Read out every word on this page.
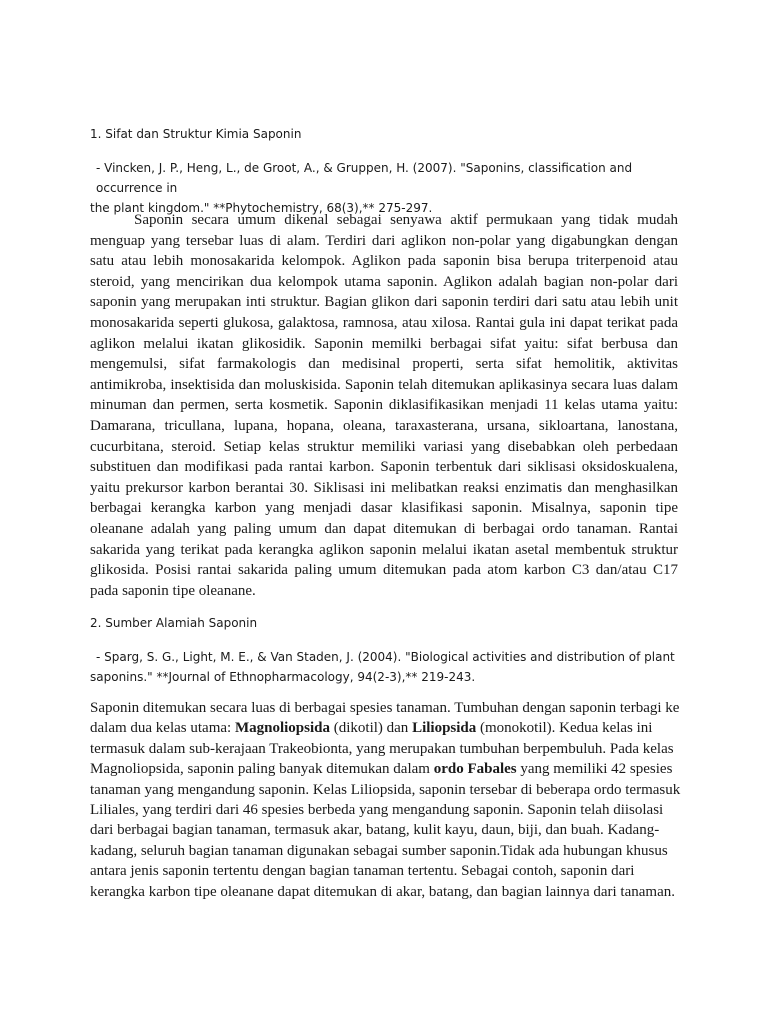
1. Sifat dan Struktur Kimia Saponin
- Vincken, J. P., Heng, L., de Groot, A., & Gruppen, H. (2007). "Saponins, classification and occurrence in
the plant kingdom." **Phytochemistry, 68(3),** 275-297.

Saponin secara umum dikenal sebagai senyawa aktif permukaan yang tidak mudah menguap yang tersebar luas di alam. Terdiri dari aglikon non-polar yang digabungkan dengan satu atau lebih monosakarida kelompok. Aglikon pada saponin bisa berupa triterpenoid atau steroid, yang mencirikan dua kelompok utama saponin. Aglikon adalah bagian non-polar dari saponin yang merupakan inti struktur. Bagian glikon dari saponin terdiri dari satu atau lebih unit monosakarida seperti glukosa, galaktosa, ramnosa, atau xilosa. Rantai gula ini dapat terikat pada aglikon melalui ikatan glikosidik. Saponin memilki berbagai sifat yaitu: sifat berbusa dan mengemulsi, sifat farmakologis dan medisinal properti, serta sifat hemolitik, aktivitas antimikroba, insektisida dan moluskisida. Saponin telah ditemukan aplikasinya secara luas dalam minuman dan permen, serta kosmetik. Saponin diklasifikasikan menjadi 11 kelas utama yaitu: Damarana, tricullana, lupana, hopana, oleana, taraxasterana, ursana, sikloartana, lanostana, cucurbitana, steroid. Setiap kelas struktur memiliki variasi yang disebabkan oleh perbedaan substituen dan modifikasi pada rantai karbon. Saponin terbentuk dari siklisasi oksidoskualena, yaitu prekursor karbon berantai 30. Siklisasi ini melibatkan reaksi enzimatis dan menghasilkan berbagai kerangka karbon yang menjadi dasar klasifikasi saponin. Misalnya, saponin tipe oleanane adalah yang paling umum dan dapat ditemukan di berbagai ordo tanaman. Rantai sakarida yang terikat pada kerangka aglikon saponin melalui ikatan asetal membentuk struktur glikosida. Posisi rantai sakarida paling umum ditemukan pada atom karbon C3 dan/atau C17 pada saponin tipe oleanane.

2. Sumber Alamiah Saponin
- Sparg, S. G., Light, M. E., & Van Staden, J. (2004). "Biological activities and distribution of plant
saponins." **Journal of Ethnopharmacology, 94(2-3),** 219-243.

Saponin ditemukan secara luas di berbagai spesies tanaman. Tumbuhan dengan saponin terbagi ke dalam dua kelas utama: Magnoliopsida (dikotil) dan Liliopsida (monokotil). Kedua kelas ini termasuk dalam sub-kerajaan Trakeobionta, yang merupakan tumbuhan berpembuluh. Pada kelas Magnoliopsida, saponin paling banyak ditemukan dalam ordo Fabales yang memiliki 42 spesies tanaman yang mengandung saponin. Kelas Liliopsida, saponin tersebar di beberapa ordo termasuk Liliales, yang terdiri dari 46 spesies berbeda yang mengandung saponin. Saponin telah diisolasi dari berbagai bagian tanaman, termasuk akar, batang, kulit kayu, daun, biji, dan buah. Kadang-kadang, seluruh bagian tanaman digunakan sebagai sumber saponin.Tidak ada hubungan khusus antara jenis saponin tertentu dengan bagian tanaman tertentu. Sebagai contoh, saponin dari kerangka karbon tipe oleanane dapat ditemukan di akar, batang, dan bagian lainnya dari tanaman.
